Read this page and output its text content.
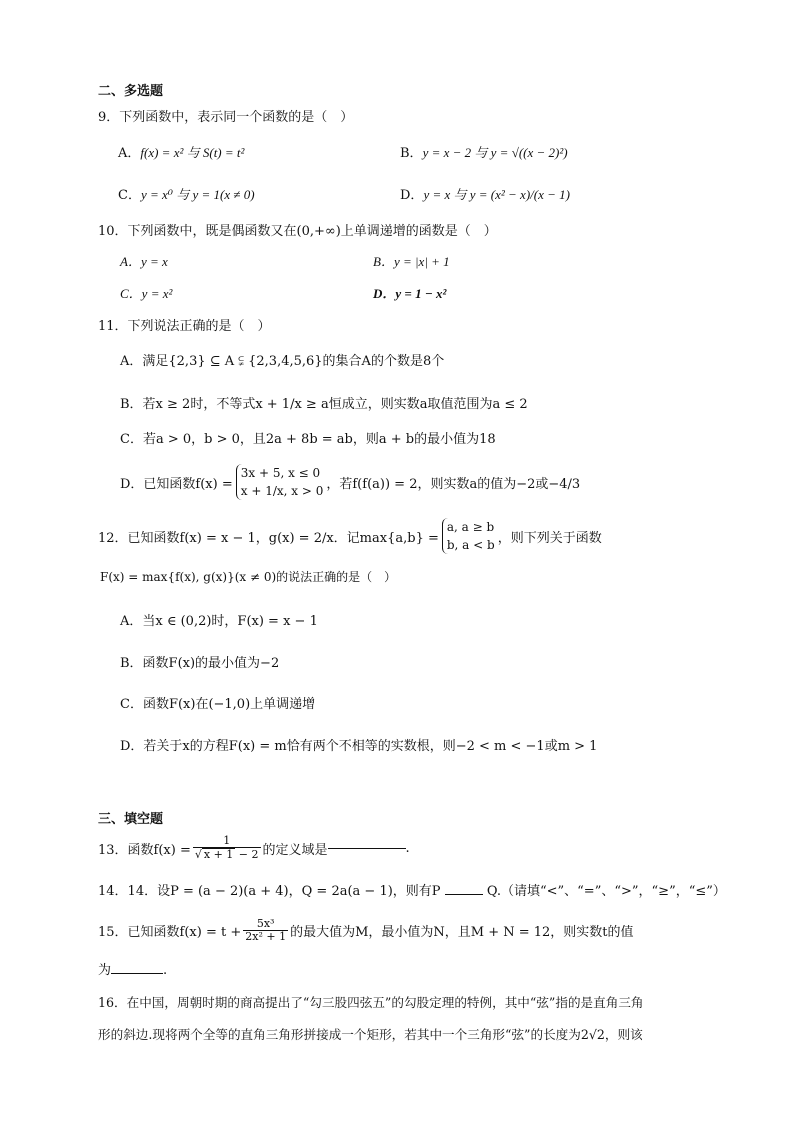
二、多选题
9．下列函数中，表示同一个函数的是（　）
A．f(x) = x² 与 S(t) = t²	B．y = x − 2 与 y = √((x − 2)²)
C．y = x⁰ 与 y = 1(x ≠ 0)	D．y = x 与 y = (x² − x)/(x − 1)
10．下列函数中，既是偶函数又在(0,+∞)上单调递增的函数是（　）
A．y = x	B．y = |x| + 1
C．y = x²	D．y = 1 − x²
11．下列说法正确的是（　）
A．满足{2,3} ⊆ A ⫋ {2,3,4,5,6}的集合A的个数是8个
B．若x ≥ 2时，不等式x + 1/x ≥ a恒成立，则实数a取值范围为a ≤ 2
C．若a > 0，b > 0，且2a + 8b = ab，则a + b的最小值为18
D．已知函数f(x) =
3x + 5, x ≤ 0
x + 1/x, x > 0 ，若f(f(a)) = 2，则实数a的值为−2或−4/3
12．已知函数f(x) = x − 1，g(x) = 2/x．记max{a,b} =
a, a ≥ b
b, a < b ，则下列关于函数
F(x) = max{f(x), g(x)}(x ≠ 0)的说法正确的是（　）
A．当x ∈ (0,2)时，F(x) = x − 1
B．函数F(x)的最小值为−2
C．函数F(x)在(−1,0)上单调递增
D．若关于x的方程F(x) = m恰有两个不相等的实数根，则−2 < m < −1或m > 1
三、填空题
13．函数$f(x) = \frac{1}{√ x + 1 - 2}$ 的定义域是	.
14．14．设P = (a − 2)(a + 4)，Q = 2a(a − 1)，则有P	Q.（请填“<”、“=”、“>”，“≥”，“≤”）
15．已知函数$f(x) = t + \frac{\text{5x³}}{\text{2x² + 1}}$ 的最大值为M，最小值为N，且M + N = 12，则实数t的值
为	.
16．在中国，周朝时期的商高提出了“勾三股四弦五”的勾股定理的特例，其中“弦”指的是直角三角
形的斜边.现将两个全等的直角三角形拼接成一个矩形，若其中一个三角形“弦”的长度为2√2，则该
